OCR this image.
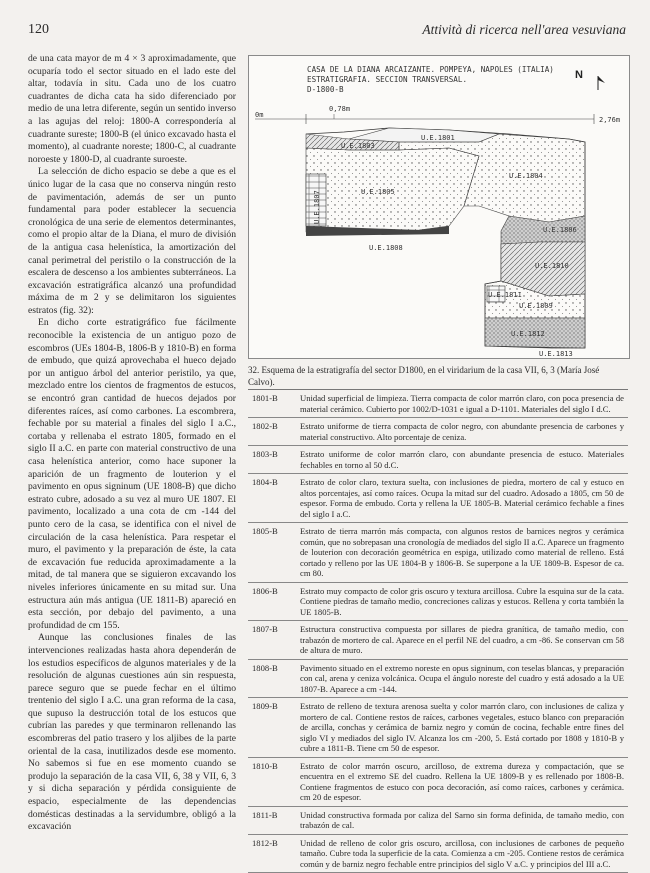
120	Attività di ricerca nell'area vesuviana

de una cata mayor de m 4 × 3 aproximadamente, que ocuparía todo el sector situado en el lado este del altar, todavía in situ. Cada uno de los cuatro cuadrantes de dicha cata ha sido diferenciado por medio de una letra diferente, según un sentido inverso a las agujas del reloj: 1800-A correspondería al cuadrante sureste; 1800-B (el único excavado hasta el momento), al cuadrante noreste; 1800-C, al cuadrante noroeste y 1800-D, al cuadrante suroeste.

La selección de dicho espacio se debe a que es el único lugar de la casa que no conserva ningún resto de pavimentación, además de ser un punto fundamental para poder establecer la secuencia cronológica de una serie de elementos determinantes, como el propio altar de la Diana, el muro de división de la antigua casa helenística, la amortización del canal perimetral del peristilo o la construcción de la escalera de descenso a los ambientes subterráneos. La excavación estratigráfica alcanzó una profundidad máxima de m 2 y se delimitaron los siguientes estratos (fig. 32):

En dicho corte estratigráfico fue fácilmente reconocible la existencia de un antiguo pozo de escombros (UEs 1804-B, 1806-B y 1810-B) en forma de embudo, que quizá aprovechaba el hueco dejado por un antiguo árbol del anterior peristilo, ya que, mezclado entre los cientos de fragmentos de estucos, se encontró gran cantidad de huecos dejados por diferentes raíces, así como carbones. La escombrera, fechable por su material a finales del siglo I a.C., cortaba y rellenaba el estrato 1805, formado en el siglo II a.C. en parte con material constructivo de una casa helenística anterior, como hace suponer la aparición de un fragmento de louterion y el pavimento en opus signinum (UE 1808-B) que dicho estrato cubre, adosado a su vez al muro UE 1807. El pavimento, localizado a una cota de cm -144 del punto cero de la casa, se identifica con el nivel de circulación de la casa helenística. Para respetar el muro, el pavimento y la preparación de éste, la cata de excavación fue reducida aproximadamente a la mitad, de tal manera que se siguieron excavando los niveles inferiores únicamente en su mitad sur. Una estructura aún más antigua (UE 1811-B) apareció en esta sección, por debajo del pavimento, a una profundidad de cm 155.

Aunque las conclusiones finales de las intervenciones realizadas hasta ahora dependerán de los estudios específicos de algunos materiales y de la resolución de algunas cuestiones aún sin respuesta, parece seguro que se puede fechar en el último trentenio del siglo I a.C. una gran reforma de la casa, que supuso la destrucción total de los estucos que cubrían las paredes y que terminaron rellenando las escombreras del patio trasero y los aljibes de la parte oriental de la casa, inutilizados desde ese momento. No sabemos si fue en ese momento cuando se produjo la separación de la casa VII, 6, 38 y VII, 6, 3 y si dicha separación y pérdida consiguiente de espacio, especialmente de las dependencias domésticas destinadas a la servidumbre, obligó a la excavación

CASA DE LA DIANA ARCAIZANTE. POMPEYA, NAPOLES (ITALIA)
ESTRATIGRAFIA. SECCION TRANSVERSAL.
D-1800-B
N
0m
2,76m
0,78m
U.E.1801
U.E.1803
U.E.1804
U.E.1805
U.E.1807
U.E.1806
U.E.1808
U.E.1810
U.E.1811
U.E.1809
U.E.1812
U.E.1813
32. Esquema de la estratigrafía del sector D1800, en el viridarium de la casa VII, 6, 3 (María José Calvo).
1801-B	Unidad superficial de limpieza. Tierra compacta de color marrón claro, con poca presencia de material cerámico. Cubierto por 1002/D-1031 e igual a D-1101. Materiales del siglo I d.C.
1802-B	Estrato uniforme de tierra compacta de color negro, con abundante presencia de carbones y material constructivo. Alto porcentaje de ceniza.
1803-B	Estrato uniforme de color marrón claro, con abundante presencia de estuco. Materiales fechables en torno al 50 d.C.
1804-B	Estrato de color claro, textura suelta, con inclusiones de piedra, mortero de cal y estuco en altos porcentajes, así como raíces. Ocupa la mitad sur del cuadro. Adosado a 1805, cm 50 de espesor. Forma de embudo. Corta y rellena la UE 1805-B. Material cerámico fechable a fines del siglo I a.C.
1805-B	Estrato de tierra marrón más compacta, con algunos restos de barnices negros y cerámica común, que no sobrepasan una cronología de mediados del siglo II a.C. Aparece un fragmento de louterion con decoración geométrica en espiga, utilizado como material de relleno. Está cortado y relleno por las UE 1804-B y 1806-B. Se superpone a la UE 1809-B. Espesor de ca. cm 80.
1806-B	Estrato muy compacto de color gris oscuro y textura arcillosa. Cubre la esquina sur de la cata. Contiene piedras de tamaño medio, concreciones calizas y estucos. Rellena y corta también la UE 1805-B.
1807-B	Estructura constructiva compuesta por sillares de piedra granítica, de tamaño medio, con trabazón de mortero de cal. Aparece en el perfil NE del cuadro, a cm -86. Se conservan cm 58 de altura de muro.
1808-B	Pavimento situado en el extremo noreste en opus signinum, con teselas blancas, y preparación con cal, arena y ceniza volcánica. Ocupa el ángulo noreste del cuadro y está adosado a la UE 1807-B. Aparece a cm -144.
1809-B	Estrato de relleno de textura arenosa suelta y color marrón claro, con inclusiones de caliza y mortero de cal. Contiene restos de raíces, carbones vegetales, estuco blanco con preparación de arcilla, conchas y cerámica de barniz negro y común de cocina, fechable entre fines del siglo VI y mediados del siglo IV. Alcanza los cm -200, 5. Está cortado por 1808 y 1810-B y cubre a 1811-B. Tiene cm 50 de espesor.
1810-B	Estrato de color marrón oscuro, arcilloso, de extrema dureza y compactación, que se encuentra en el extremo SE del cuadro. Rellena la UE 1809-B y es rellenado por 1808-B. Contiene fragmentos de estuco con poca decoración, así como raíces, carbones y cerámica. cm 20 de espesor.
1811-B	Unidad constructiva formada por caliza del Sarno sin forma definida, de tamaño medio, con trabazón de cal.
1812-B	Unidad de relleno de color gris oscuro, arcillosa, con inclusiones de carbones de pequeño tamaño. Cubre toda la superficie de la cata. Comienza a cm -205. Contiene restos de cerámica común y de barniz negro fechable entre principios del siglo V a.C. y principios del III a.C.
